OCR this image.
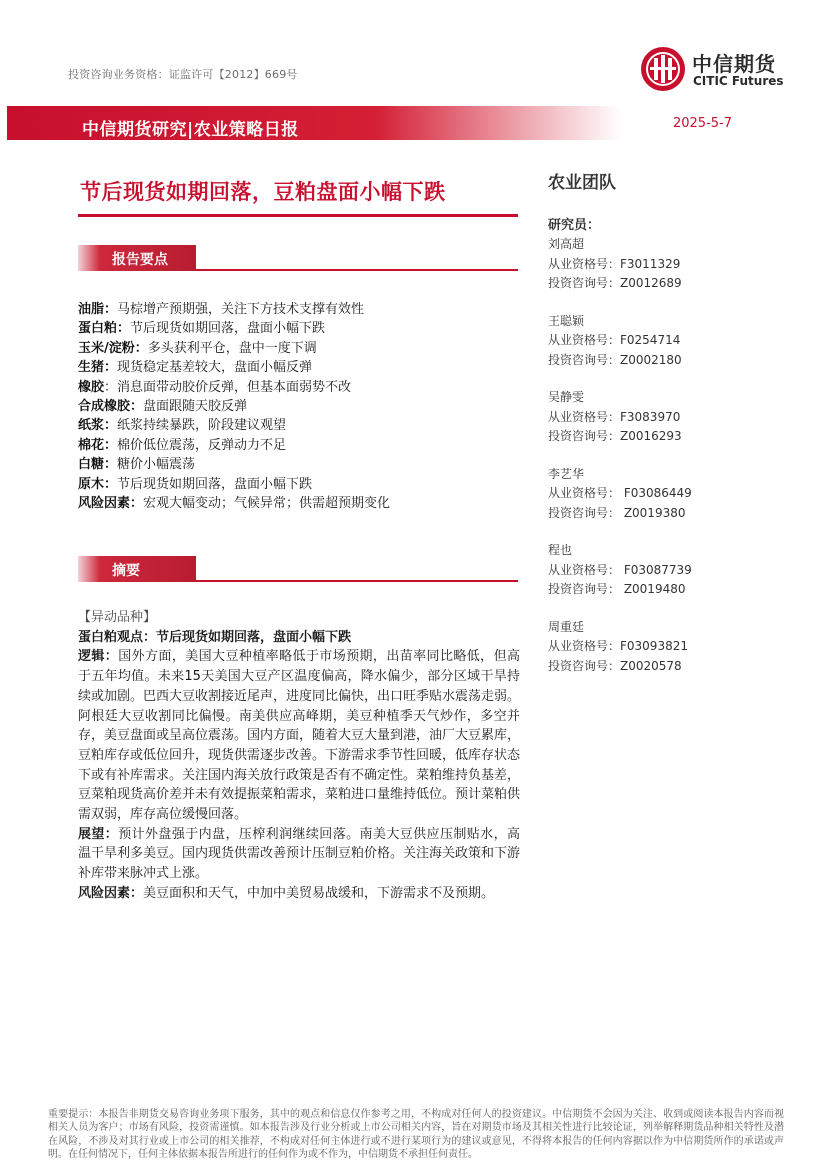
投资咨询业务资格：证监许可【2012】669号	中信期货
CITIC Futures
中信期货研究|农业策略日报	2025-5-7
节后现货如期回落，豆粕盘面小幅下跌
报告要点
油脂：马棕增产预期强，关注下方技术支撑有效性
蛋白粕：节后现货如期回落，盘面小幅下跌
玉米/淀粉：多头获利平仓，盘中一度下调
生猪：现货稳定基差较大，盘面小幅反弹
橡胶：消息面带动胶价反弹，但基本面弱势不改
合成橡胶：盘面跟随天胶反弹
纸浆：纸浆持续暴跌，阶段建议观望
棉花：棉价低位震荡，反弹动力不足
白糖：糖价小幅震荡
原木：节后现货如期回落，盘面小幅下跌
风险因素：宏观大幅变动；气候异常；供需超预期变化
摘要
【异动品种】
蛋白粕观点：节后现货如期回落，盘面小幅下跌

逻辑：国外方面，美国大豆种植率略低于市场预期，出苗率同比略低，但高于五年均值。未来15天美国大豆产区温度偏高，降水偏少，部分区域干旱持续或加剧。巴西大豆收割接近尾声，进度同比偏快，出口旺季贴水震荡走弱。阿根廷大豆收割同比偏慢。南美供应高峰期，美豆种植季天气炒作，多空并存，美豆盘面或呈高位震荡。国内方面，随着大豆大量到港，油厂大豆累库，豆粕库存或低位回升，现货供需逐步改善。下游需求季节性回暖，低库存状态下或有补库需求。关注国内海关放行政策是否有不确定性。菜粕维持负基差，豆菜粕现货高价差并未有效提振菜粕需求，菜粕进口量维持低位。预计菜粕供需双弱，库存高位缓慢回落。

展望：预计外盘强于内盘，压榨利润继续回落。南美大豆供应压制贴水，高温干旱利多美豆。国内现货供需改善预计压制豆粕价格。关注海关政策和下游补库带来脉冲式上涨。

风险因素：美豆面积和天气，中加中美贸易战缓和，下游需求不及预期。

农业团队
研究员：
刘高超
从业资格号：F3011329
投资咨询号：Z0012689
王聪颖
从业资格号：F0254714
投资咨询号：Z0002180
吴静雯
从业资格号：F3083970
投资咨询号：Z0016293
李艺华
从业资格号： F03086449
投资咨询号： Z0019380
程也
从业资格号： F03087739
投资咨询号： Z0019480
周重廷
从业资格号：F03093821
投资咨询号：Z0020578
重要提示：本报告非期货交易咨询业务项下服务，其中的观点和信息仅作参考之用，不构成对任何人的投资建议。中信期货不会因为关注、收到或阅读本报告内容而视相关人员为客户；市场有风险，投资需谨慎。如本报告涉及行业分析或上市公司相关内容，旨在对期货市场及其相关性进行比较论证，列举解释期货品种相关特性及潜在风险，不涉及对其行业或上市公司的相关推荐，不构成对任何主体进行或不进行某项行为的建议或意见，不得将本报告的任何内容据以作为中信期货所作的承诺或声明。在任何情况下，任何主体依据本报告所进行的任何作为或不作为，中信期货不承担任何责任。
